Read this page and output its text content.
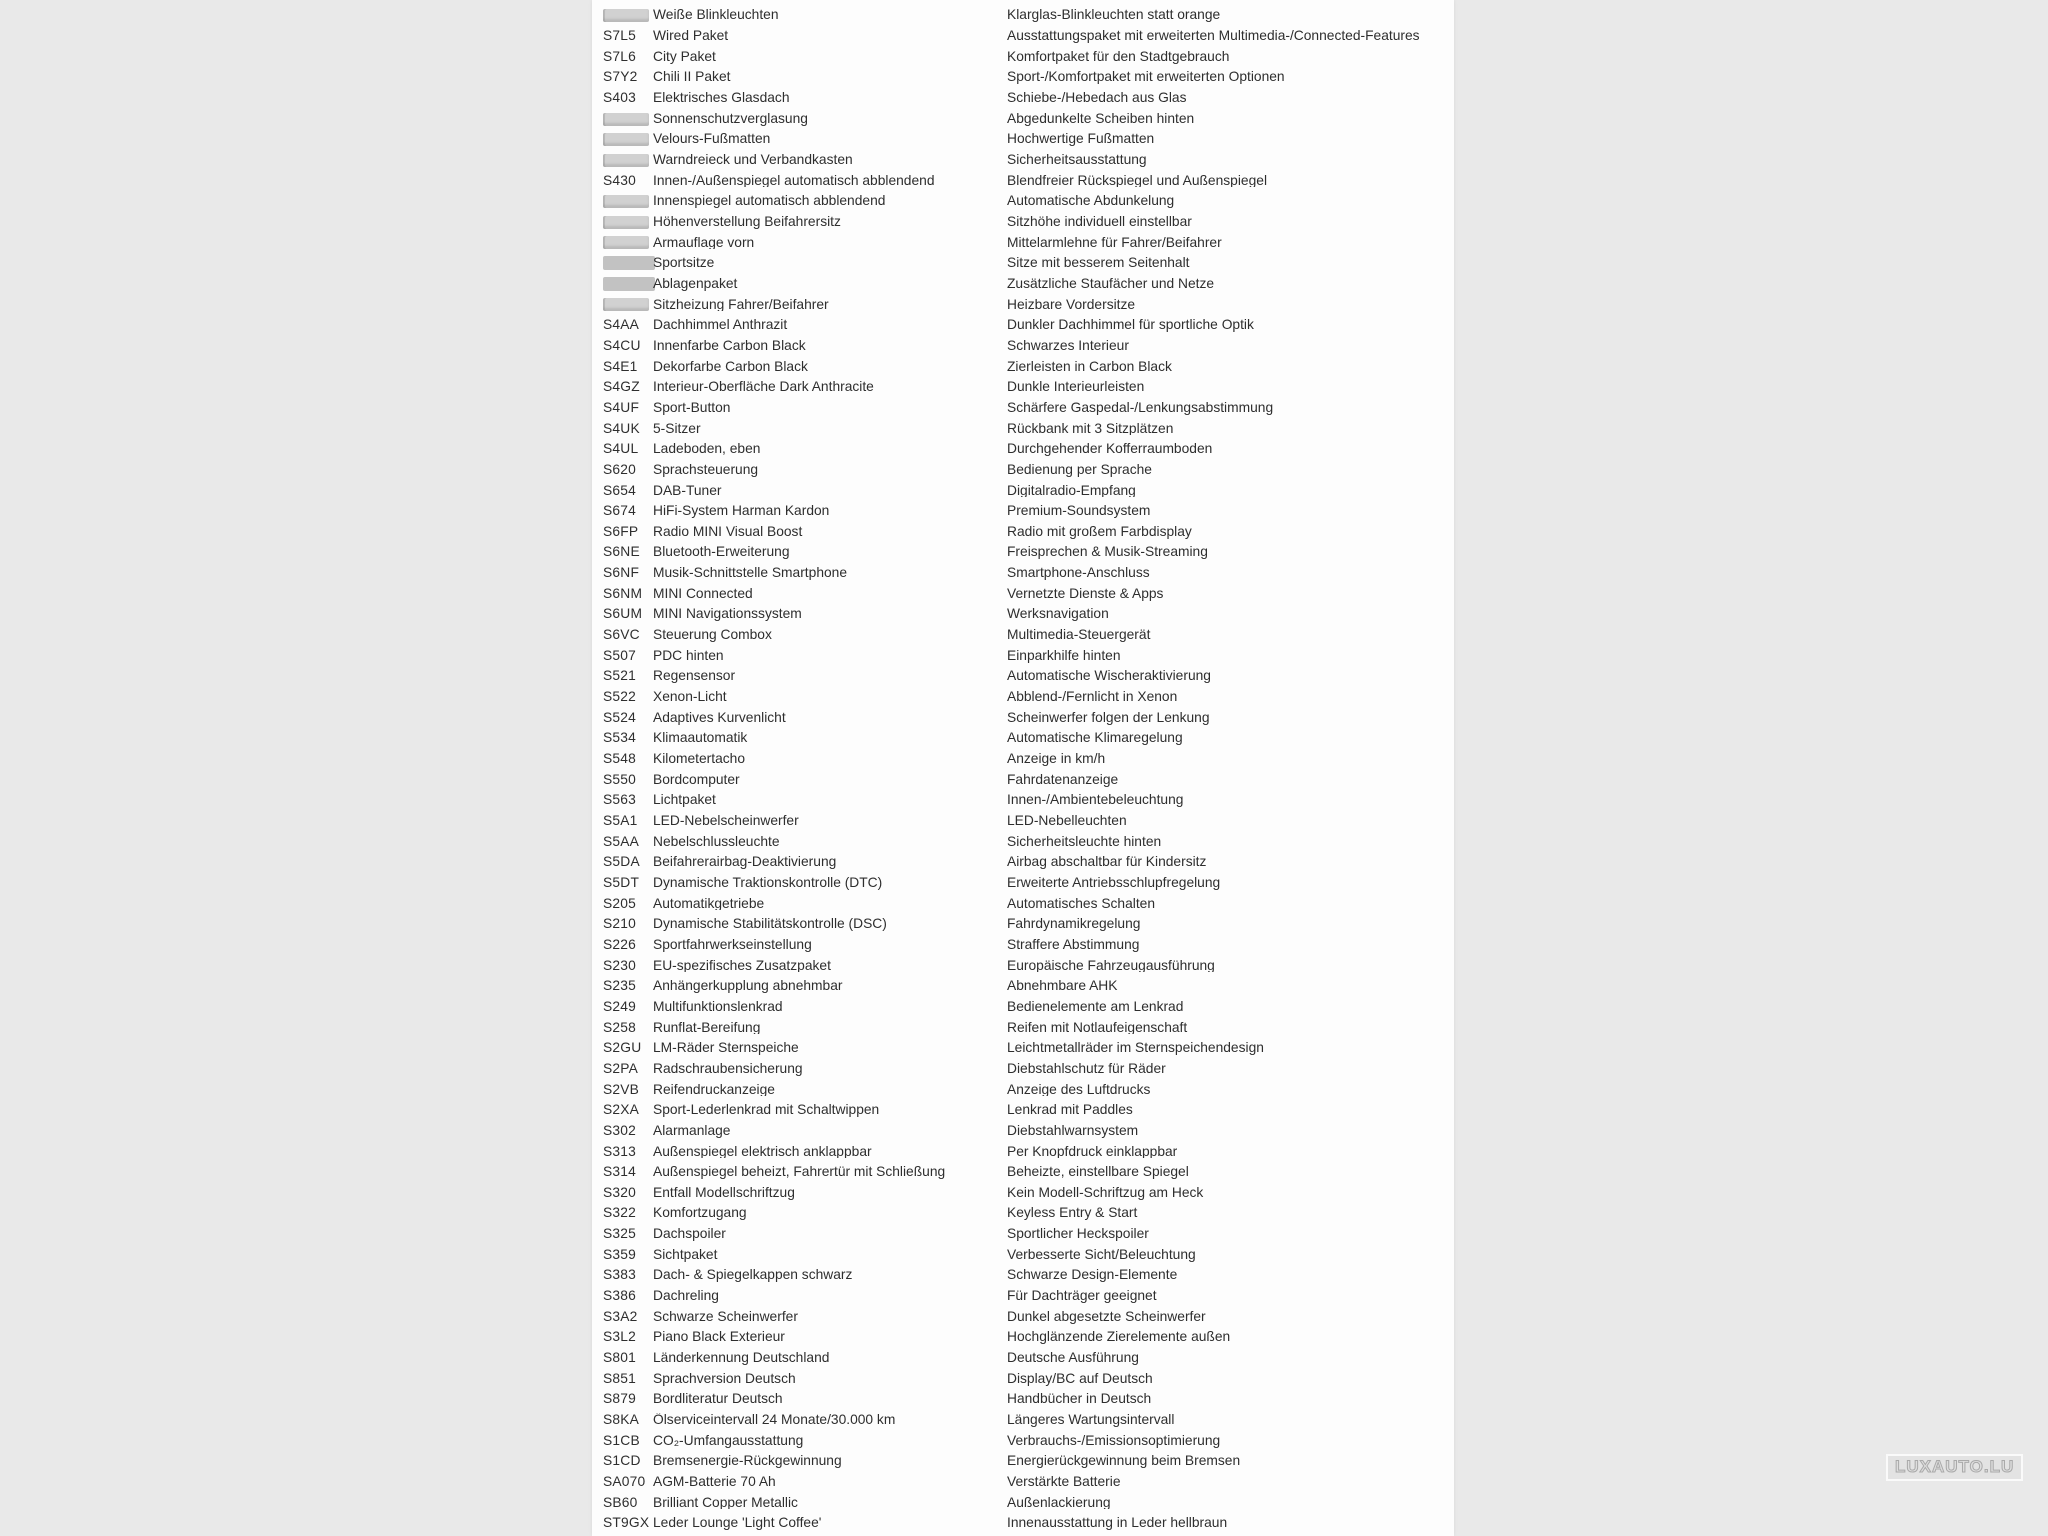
Weiße Blinkleuchten	Klarglas-Blinkleuchten statt orange
S7L5	Wired Paket	Ausstattungspaket mit erweiterten Multimedia-/Connected-Features
S7L6	City Paket	Komfortpaket für den Stadtgebrauch
S7Y2	Chili II Paket	Sport-/Komfortpaket mit erweiterten Optionen
S403	Elektrisches Glasdach	Schiebe-/Hebedach aus Glas
Sonnenschutzverglasung	Abgedunkelte Scheiben hinten
Velours-Fußmatten	Hochwertige Fußmatten
Warndreieck und Verbandkasten	Sicherheitsausstattung
S430	Innen-/Außenspiegel automatisch abblendend	Blendfreier Rückspiegel und Außenspiegel
Innenspiegel automatisch abblendend	Automatische Abdunkelung
Höhenverstellung Beifahrersitz	Sitzhöhe individuell einstellbar
Armauflage vorn	Mittelarmlehne für Fahrer/Beifahrer
Sportsitze	Sitze mit besserem Seitenhalt
Ablagenpaket	Zusätzliche Staufächer und Netze
Sitzheizung Fahrer/Beifahrer	Heizbare Vordersitze
S4AA	Dachhimmel Anthrazit	Dunkler Dachhimmel für sportliche Optik
S4CU Innenfarbe Carbon Black	Schwarzes Interieur
S4E1	Dekorfarbe Carbon Black	Zierleisten in Carbon Black
S4GZ Interieur-Oberfläche Dark Anthracite	Dunkle Interieurleisten
S4UF	Sport-Button	Schärfere Gaspedal-/Lenkungsabstimmung
S4UK 5-Sitzer	Rückbank mit 3 Sitzplätzen
S4UL	Ladeboden, eben	Durchgehender Kofferraumboden
S620	Sprachsteuerung	Bedienung per Sprache
S654	DAB-Tuner	Digitalradio-Empfang
S674	HiFi-System Harman Kardon	Premium-Soundsystem
S6FP	Radio MINI Visual Boost	Radio mit großem Farbdisplay
S6NE Bluetooth-Erweiterung	Freisprechen & Musik-Streaming
S6NF	Musik-Schnittstelle Smartphone	Smartphone-Anschluss
S6NM MINI Connected	Vernetzte Dienste & Apps
S6UM MINI Navigationssystem	Werksnavigation
S6VC Steuerung Combox	Multimedia-Steuergerät
S507	PDC hinten	Einparkhilfe hinten
S521	Regensensor	Automatische Wischeraktivierung
S522	Xenon-Licht	Abblend-/Fernlicht in Xenon
S524	Adaptives Kurvenlicht	Scheinwerfer folgen der Lenkung
S534	Klimaautomatik	Automatische Klimaregelung
S548	Kilometertacho	Anzeige in km/h
S550	Bordcomputer	Fahrdatenanzeige
S563	Lichtpaket	Innen-/Ambientebeleuchtung
S5A1	LED-Nebelscheinwerfer	LED-Nebelleuchten
S5AA	Nebelschlussleuchte	Sicherheitsleuchte hinten
S5DA Beifahrerairbag-Deaktivierung	Airbag abschaltbar für Kindersitz
S5DT	Dynamische Traktionskontrolle (DTC)	Erweiterte Antriebsschlupfregelung
S205	Automatikgetriebe	Automatisches Schalten
S210	Dynamische Stabilitätskontrolle (DSC)	Fahrdynamikregelung
S226	Sportfahrwerkseinstellung	Straffere Abstimmung
S230	EU-spezifisches Zusatzpaket	Europäische Fahrzeugausführung
S235	Anhängerkupplung abnehmbar	Abnehmbare AHK
S249	Multifunktionslenkrad	Bedienelemente am Lenkrad
S258	Runflat-Bereifung	Reifen mit Notlaufeigenschaft
S2GU LM-Räder Sternspeiche	Leichtmetallräder im Sternspeichendesign
S2PA	Radschraubensicherung	Diebstahlschutz für Räder
S2VB	Reifendruckanzeige	Anzeige des Luftdrucks
S2XA	Sport-Lederlenkrad mit Schaltwippen	Lenkrad mit Paddles
S302	Alarmanlage	Diebstahlwarnsystem
S313	Außenspiegel elektrisch anklappbar	Per Knopfdruck einklappbar
S314	Außenspiegel beheizt, Fahrertür mit Schließung	Beheizte, einstellbare Spiegel
S320	Entfall Modellschriftzug	Kein Modell-Schriftzug am Heck
S322	Komfortzugang	Keyless Entry & Start
S325	Dachspoiler	Sportlicher Heckspoiler
S359	Sichtpaket	Verbesserte Sicht/Beleuchtung
S383	Dach- & Spiegelkappen schwarz	Schwarze Design-Elemente
S386	Dachreling	Für Dachträger geeignet
S3A2	Schwarze Scheinwerfer	Dunkel abgesetzte Scheinwerfer
S3L2	Piano Black Exterieur	Hochglänzende Zierelemente außen
S801	Länderkennung Deutschland	Deutsche Ausführung
S851	Sprachversion Deutsch	Display/BC auf Deutsch
S879	Bordliteratur Deutsch	Handbücher in Deutsch
S8KA	Ölserviceintervall 24 Monate/30.000 km	Längeres Wartungsintervall
S1CB CO₂-Umfangausstattung	Verbrauchs-/Emissionsoptimierung
S1CD Bremsenergie-Rückgewinnung	Energierückgewinnung beim Bremsen
SA070 AGM-Batterie 70 Ah	Verstärkte Batterie
SB60	Brilliant Copper Metallic	Außenlackierung
ST9GX Leder Lounge 'Light Coffee'	Innenausstattung in Leder hellbraun
LUXAUTO.LU
